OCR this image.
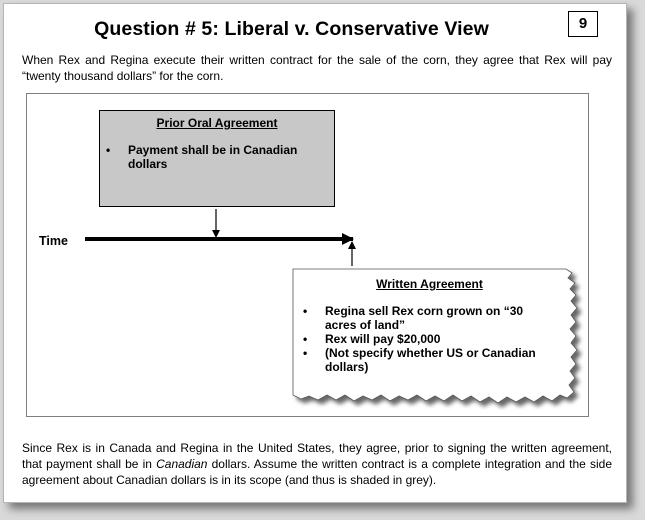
Question # 5: Liberal v. Conservative View	9
When Rex and Regina execute their written contract for the sale of the corn, they agree that Rex will pay “twenty thousand dollars” for the corn.
Prior Oral Agreement
• Payment shall be in Canadian dollars
Time
Written Agreement
• Regina sell Rex corn grown on “30 acres of land”
• Rex will pay $20,000
• (Not specify whether US or Canadian dollars)
Since Rex is in Canada and Regina in the United States, they agree, prior to signing the written agreement, that payment shall be in Canadian dollars. Assume the written contract is a complete integration and the side agreement about Canadian dollars is in its scope (and thus is shaded in grey).
